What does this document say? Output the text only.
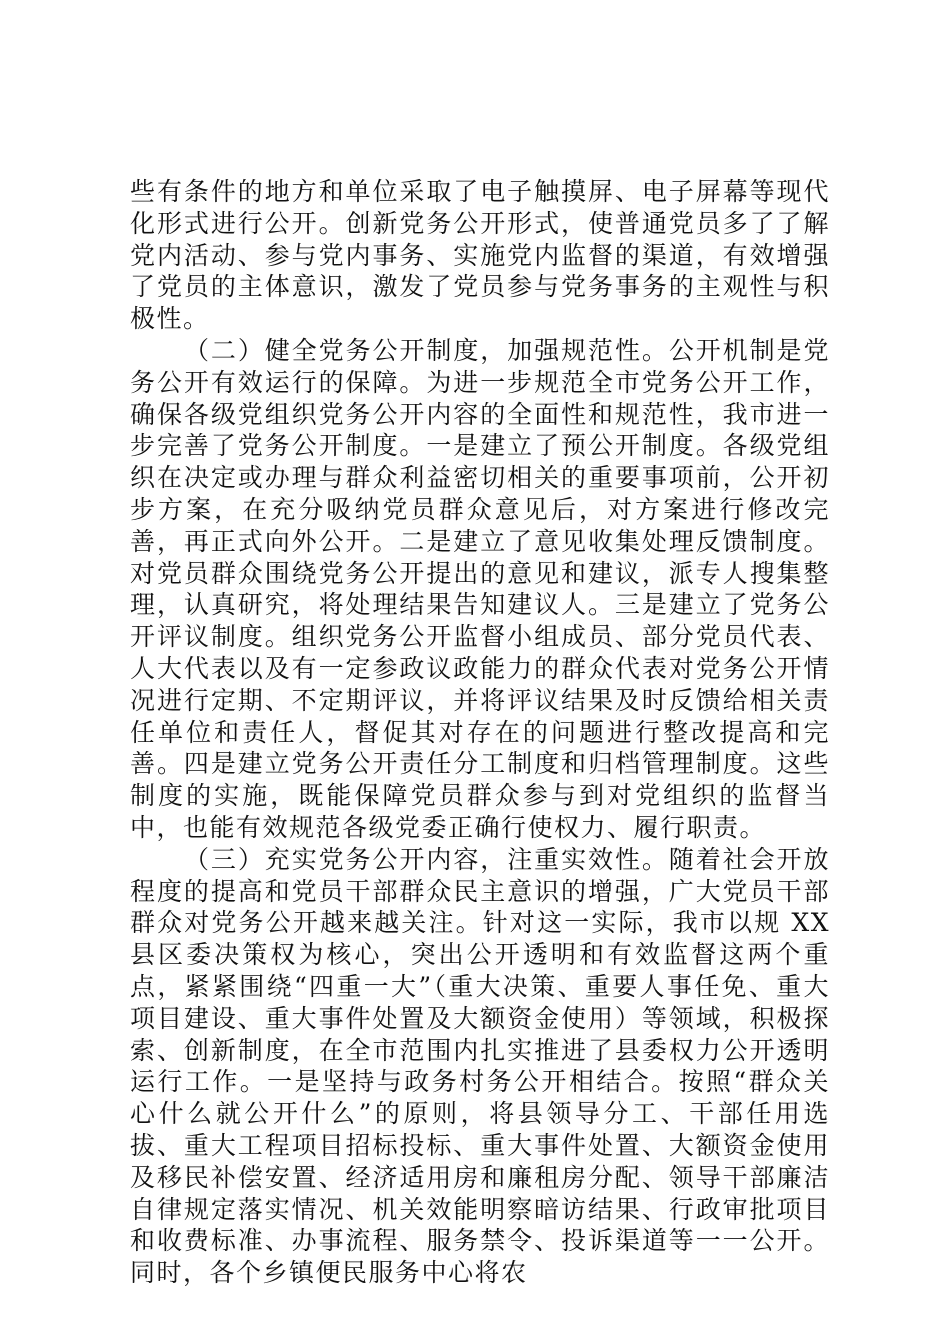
些有条件的地方和单位采取了电子触摸屏、电子屏幕等现代化形式进行公开。创新党务公开形式，使普通党员多了了解党内活动、参与党内事务、实施党内监督的渠道，有效增强了党员的主体意识，激发了党员参与党务事务的主观性与积极性。

（二）健全党务公开制度，加强规范性。公开机制是党务公开有效运行的保障。为进一步规范全市党务公开工作，确保各级党组织党务公开内容的全面性和规范性，我市进一步完善了党务公开制度。一是建立了预公开制度。各级党组织在决定或办理与群众利益密切相关的重要事项前，公开初步方案，在充分吸纳党员群众意见后，对方案进行修改完善，再正式向外公开。二是建立了意见收集处理反馈制度。对党员群众围绕党务公开提出的意见和建议，派专人搜集整理，认真研究，将处理结果告知建议人。三是建立了党务公开评议制度。组织党务公开监督小组成员、部分党员代表、人大代表以及有一定参政议政能力的群众代表对党务公开情况进行定期、不定期评议，并将评议结果及时反馈给相关责任单位和责任人，督促其对存在的问题进行整改提高和完善。四是建立党务公开责任分工制度和归档管理制度。这些制度的实施，既能保障党员群众参与到对党组织的监督当中，也能有效规范各级党委正确行使权力、履行职责。

（三）充实党务公开内容，注重实效性。随着社会开放程度的提高和党员干部群众民主意识的增强，广大党员干部群众对党务公开越来越关注。针对这一实际，我市以规 XX 县区委决策权为核心，突出公开透明和有效监督这两个重点，紧紧围绕“四重一大”（重大决策、重要人事任免、重大项目建设、重大事件处置及大额资金使用）等领域，积极探索、创新制度，在全市范围内扎实推进了县委权力公开透明运行工作。一是坚持与政务村务公开相结合。按照“群众关心什么就公开什么”的原则，将县领导分工、干部任用选拔、重大工程项目招标投标、重大事件处置、大额资金使用及移民补偿安置、经济适用房和廉租房分配、领导干部廉洁自律规定落实情况、机关效能明察暗访结果、行政审批项目和收费标准、办事流程、服务禁令、投诉渠道等一一公开。同时，各个乡镇便民服务中心将农
